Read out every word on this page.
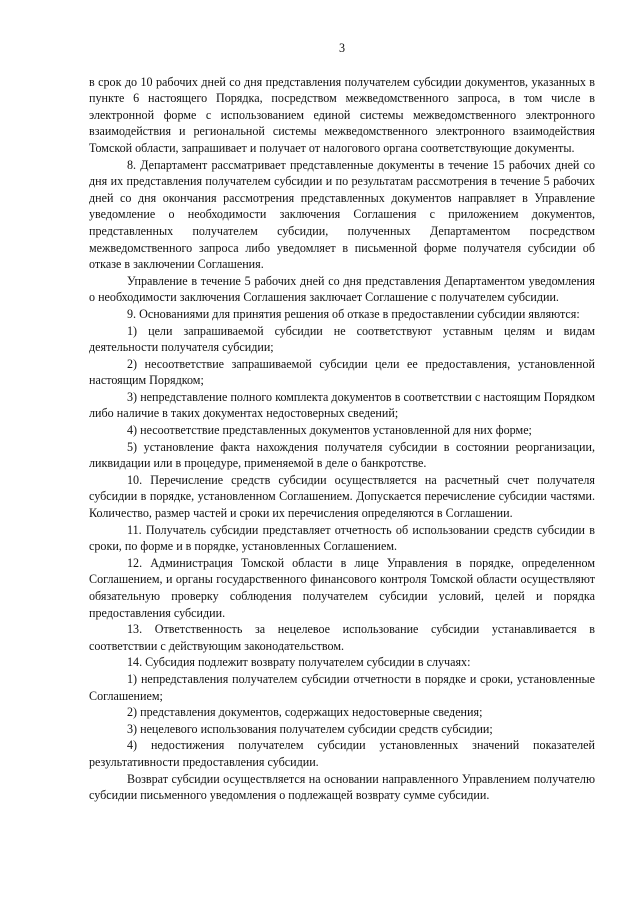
3

в срок до 10 рабочих дней со дня представления получателем субсидии документов, указанных в пункте 6 настоящего Порядка, посредством межведомственного запроса, в том числе в электронной форме с использованием единой системы межведомственного электронного взаимодействия и региональной системы межведомственного электронного взаимодействия Томской области, запрашивает и получает от налогового органа соответствующие документы.

8. Департамент рассматривает представленные документы в течение 15 рабочих дней со дня их представления получателем субсидии и по результатам рассмотрения в течение 5 рабочих дней со дня окончания рассмотрения представленных документов направляет в Управление уведомление о необходимости заключения Соглашения с приложением документов, представленных получателем субсидии, полученных Департаментом посредством межведомственного запроса либо уведомляет в письменной форме получателя субсидии об отказе в заключении Соглашения.

Управление в течение 5 рабочих дней со дня представления Департаментом уведомления о необходимости заключения Соглашения заключает Соглашение с получателем субсидии.

9. Основаниями для принятия решения об отказе в предоставлении субсидии являются:

1) цели запрашиваемой субсидии не соответствуют уставным целям и видам деятельности получателя субсидии;

2) несоответствие запрашиваемой субсидии цели ее предоставления, установленной настоящим Порядком;

3) непредставление полного комплекта документов в соответствии с настоящим Порядком либо наличие в таких документах недостоверных сведений;

4) несоответствие представленных документов установленной для них форме;

5) установление факта нахождения получателя субсидии в состоянии реорганизации, ликвидации или в процедуре, применяемой в деле о банкротстве.

10. Перечисление средств субсидии осуществляется на расчетный счет получателя субсидии в порядке, установленном Соглашением. Допускается перечисление субсидии частями. Количество, размер частей и сроки их перечисления определяются в Соглашении.

11. Получатель субсидии представляет отчетность об использовании средств субсидии в сроки, по форме и в порядке, установленных Соглашением.

12. Администрация Томской области в лице Управления в порядке, определенном Соглашением, и органы государственного финансового контроля Томской области осуществляют обязательную проверку соблюдения получателем субсидии условий, целей и порядка предоставления субсидии.

13. Ответственность за нецелевое использование субсидии устанавливается в соответствии с действующим законодательством.

14. Субсидия подлежит возврату получателем субсидии в случаях:

1) непредставления получателем субсидии отчетности в порядке и сроки, установленные Соглашением;

2) представления документов, содержащих недостоверные сведения;

3) нецелевого использования получателем субсидии средств субсидии;

4) недостижения получателем субсидии установленных значений показателей результативности предоставления субсидии.

Возврат субсидии осуществляется на основании направленного Управлением получателю субсидии письменного уведомления о подлежащей возврату сумме субсидии.
